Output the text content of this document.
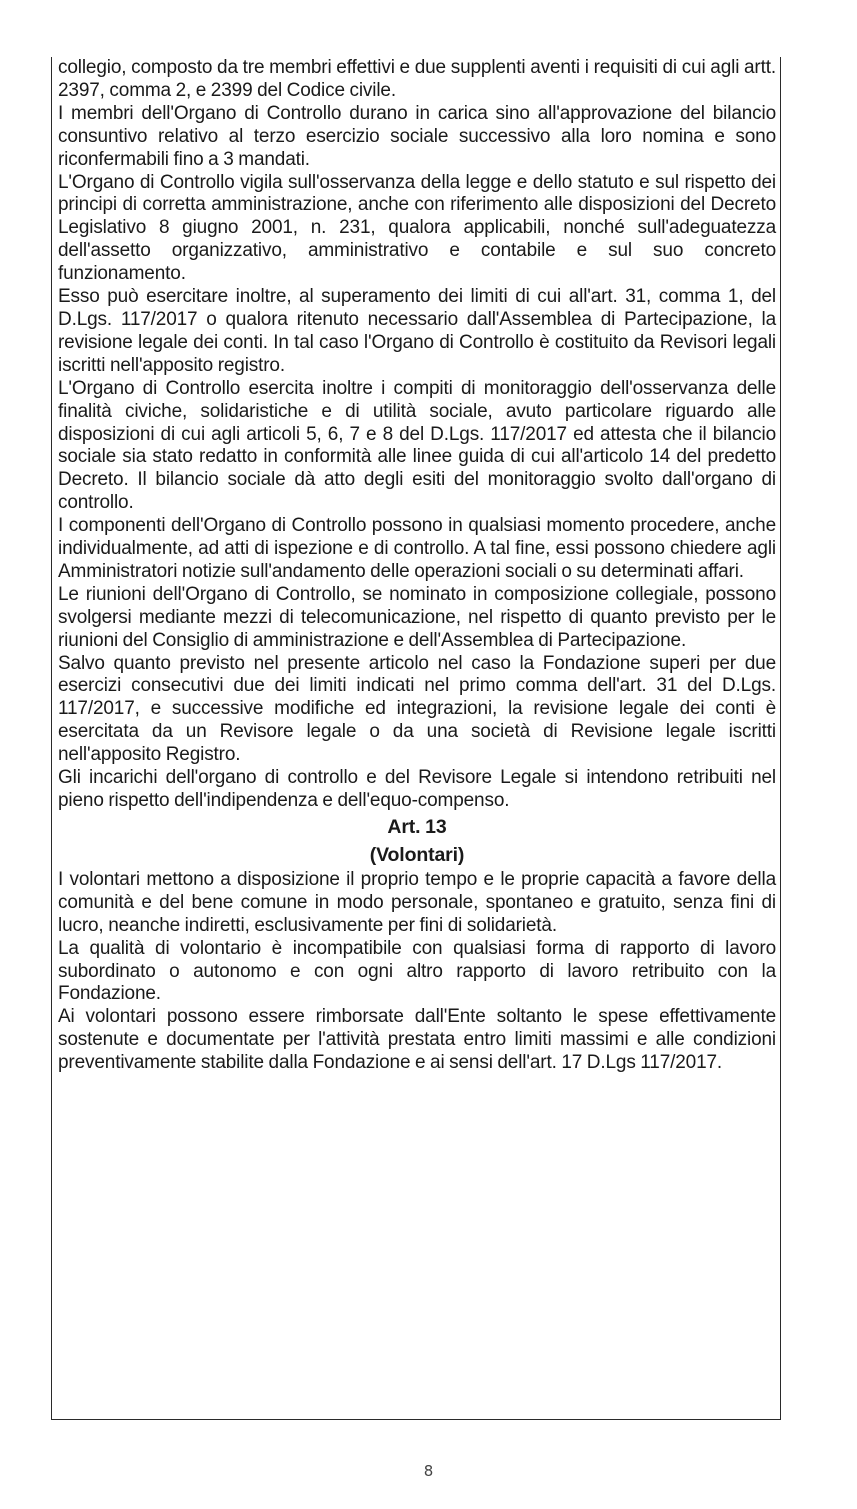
collegio, composto da tre membri effettivi e due supplenti aventi i requisiti di cui agli artt. 2397, comma 2, e 2399 del Codice civile.

I membri dell'Organo di Controllo durano in carica sino all'approvazione del bilancio consuntivo relativo al terzo esercizio sociale successivo alla loro nomina e sono riconfermabili fino a 3 mandati.

L'Organo di Controllo vigila sull'osservanza della legge e dello statuto e sul rispetto dei principi di corretta amministrazione, anche con riferimento alle disposizioni del Decreto Legislativo 8 giugno 2001, n. 231, qualora applicabili, nonché sull'adeguatezza dell'assetto organizzativo, amministrativo e contabile e sul suo concreto funzionamento.

Esso può esercitare inoltre, al superamento dei limiti di cui all'art. 31, comma 1, del D.Lgs. 117/2017 o qualora ritenuto necessario dall'Assemblea di Partecipazione, la revisione legale dei conti. In tal caso l'Organo di Controllo è costituito da Revisori legali iscritti nell'apposito registro.

L'Organo di Controllo esercita inoltre i compiti di monitoraggio dell'osservanza delle finalità civiche, solidaristiche e di utilità sociale, avuto particolare riguardo alle disposizioni di cui agli articoli 5, 6, 7 e 8 del D.Lgs. 117/2017 ed attesta che il bilancio sociale sia stato redatto in conformità alle linee guida di cui all'articolo 14 del predetto Decreto. Il bilancio sociale dà atto degli esiti del monitoraggio svolto dall'organo di controllo.

I componenti dell'Organo di Controllo possono in qualsiasi momento procedere, anche individualmente, ad atti di ispezione e di controllo. A tal fine, essi possono chiedere agli Amministratori notizie sull'andamento delle operazioni sociali o su determinati affari.

Le riunioni dell'Organo di Controllo, se nominato in composizione collegiale, possono svolgersi mediante mezzi di telecomunicazione, nel rispetto di quanto previsto per le riunioni del Consiglio di amministrazione e dell'Assemblea di Partecipazione.

Salvo quanto previsto nel presente articolo nel caso la Fondazione superi per due esercizi consecutivi due dei limiti indicati nel primo comma dell'art. 31 del D.Lgs. 117/2017, e successive modifiche ed integrazioni, la revisione legale dei conti è esercitata da un Revisore legale o da una società di Revisione legale iscritti nell'apposito Registro.

Gli incarichi dell'organo di controllo e del Revisore Legale si intendono retribuiti nel pieno rispetto dell'indipendenza e dell'equo-compenso.

Art. 13
(Volontari)

I volontari mettono a disposizione il proprio tempo e le proprie capacità a favore della comunità e del bene comune in modo personale, spontaneo e gratuito, senza fini di lucro, neanche indiretti, esclusivamente per fini di solidarietà.

La qualità di volontario è incompatibile con qualsiasi forma di rapporto di lavoro subordinato o autonomo e con ogni altro rapporto di lavoro retribuito con la Fondazione.

Ai volontari possono essere rimborsate dall'Ente soltanto le spese effettivamente sostenute e documentate per l'attività prestata entro limiti massimi e alle condizioni preventivamente stabilite dalla Fondazione e ai sensi dell'art. 17 D.Lgs 117/2017.

8
